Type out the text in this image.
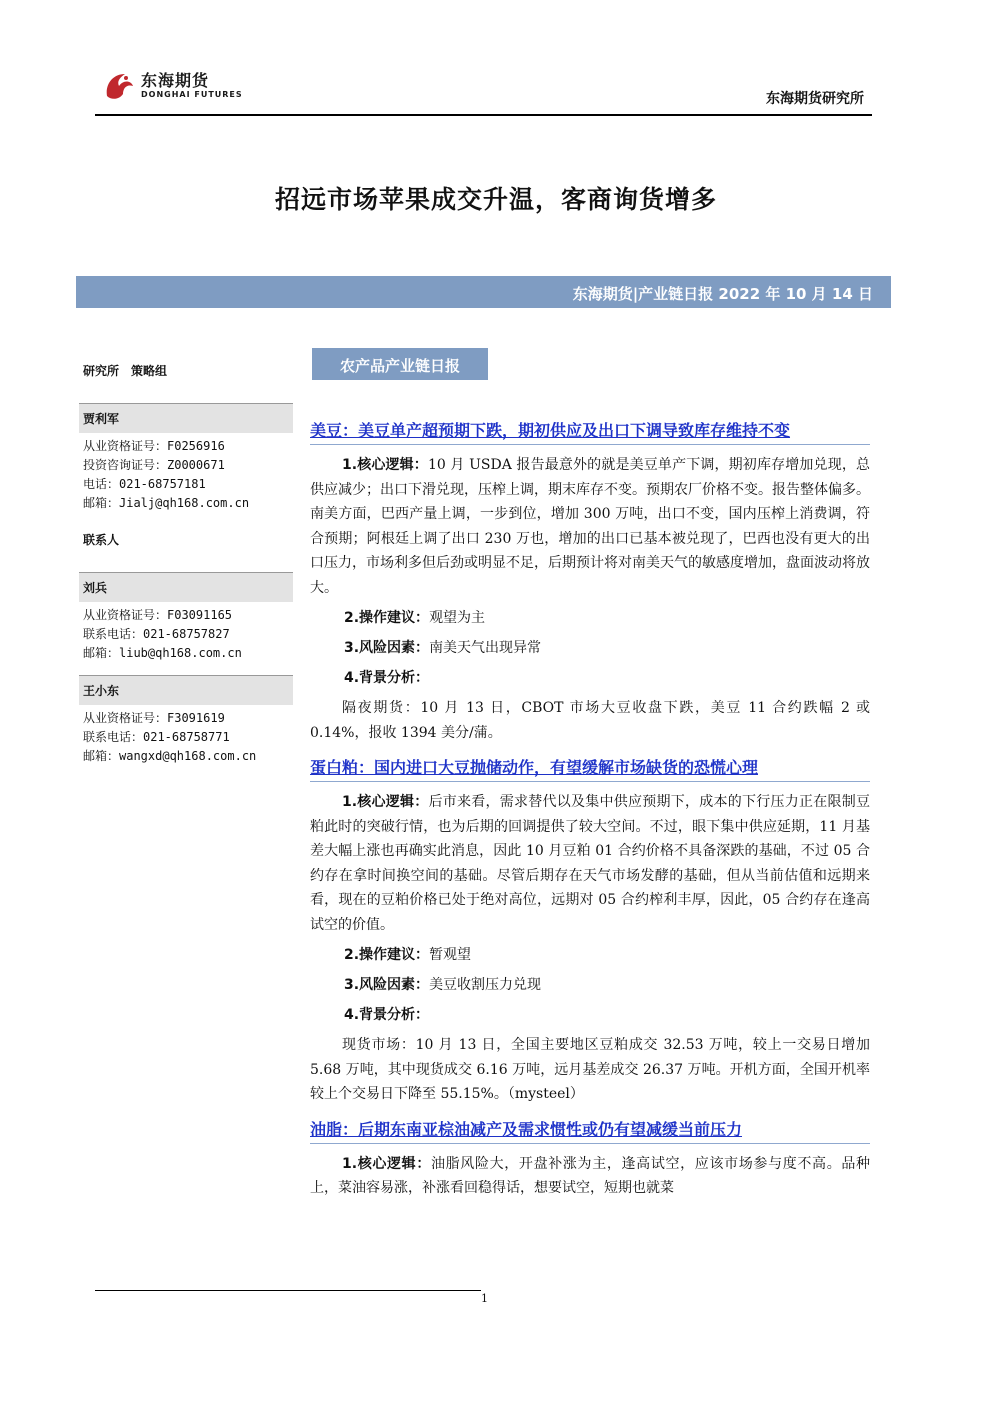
东海期货
DONGHAI FUTURES	东海期货研究所
招远市场苹果成交升温，客商询货增多
东海期货|产业链日报 2022 年 10 月 14 日
研究所　策略组
贾利军
从业资格证号：F0256916
投资咨询证号：Z0000671
电话：021-68757181
邮箱：Jialj@qh168.com.cn
联系人
刘兵
从业资格证号：F03091165
联系电话：021-68757827
邮箱：liub@qh168.com.cn
王小东
从业资格证号：F3091619
联系电话：021-68758771
邮箱：wangxd@qh168.com.cn
农产品产业链日报
美豆：美豆单产超预期下跌，期初供应及出口下调导致库存维持不变

1.核心逻辑：10 月 USDA 报告最意外的就是美豆单产下调，期初库存增加兑现，总供应减少；出口下滑兑现，压榨上调，期末库存不变。预期农厂价格不变。报告整体偏多。南美方面，巴西产量上调，一步到位，增加 300 万吨，出口不变，国内压榨上消费调，符合预期；阿根廷上调了出口 230 万也，增加的出口已基本被兑现了，巴西也没有更大的出口压力，市场利多但后劲或明显不足，后期预计将对南美天气的敏感度增加，盘面波动将放大。

2.操作建议：观望为主
3.风险因素：南美天气出现异常
4.背景分析：

隔夜期货：10 月 13 日，CBOT 市场大豆收盘下跌，美豆 11 合约跌幅 2 或 0.14%，报收 1394 美分/蒲。

蛋白粕：国内进口大豆抛储动作，有望缓解市场缺货的恐慌心理

1.核心逻辑：后市来看，需求替代以及集中供应预期下，成本的下行压力正在限制豆粕此时的突破行情，也为后期的回调提供了较大空间。不过，眼下集中供应延期，11 月基差大幅上涨也再确实此消息，因此 10 月豆粕 01 合约价格不具备深跌的基础，不过 05 合约存在拿时间换空间的基础。尽管后期存在天气市场发酵的基础，但从当前估值和远期来看，现在的豆粕价格已处于绝对高位，远期对 05 合约榨利丰厚，因此，05 合约存在逢高试空的价值。

2.操作建议：暂观望
3.风险因素：美豆收割压力兑现
4.背景分析：

现货市场：10 月 13 日，全国主要地区豆粕成交 32.53 万吨，较上一交易日增加 5.68 万吨，其中现货成交 6.16 万吨，远月基差成交 26.37 万吨。开机方面，全国开机率较上个交易日下降至 55.15%。（mysteel）

油脂：后期东南亚棕油减产及需求惯性或仍有望减缓当前压力

1.核心逻辑：油脂风险大，开盘补涨为主，逢高试空，应该市场参与度不高。品种上，菜油容易涨，补涨看回稳得话，想要试空，短期也就菜

1
